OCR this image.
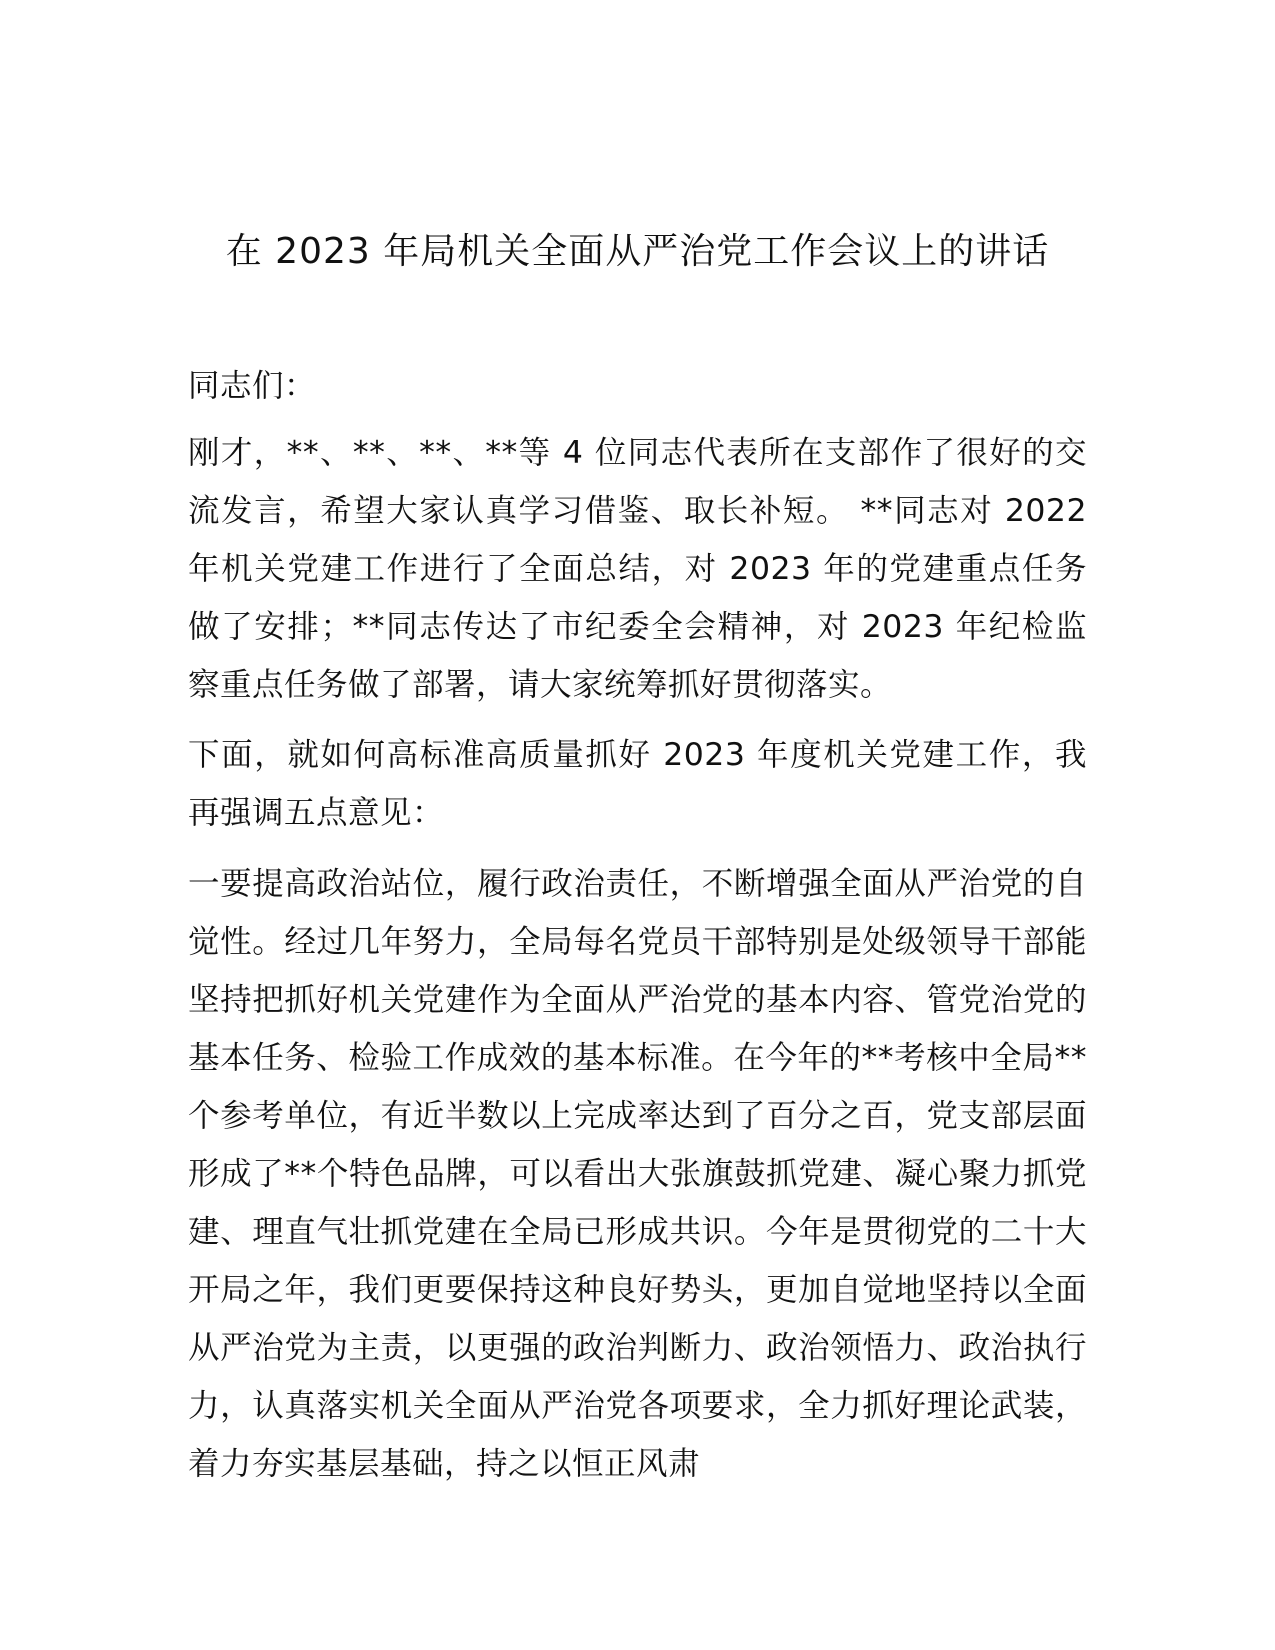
在 2023 年局机关全面从严治党工作会议上的讲话

同志们：

刚才，**、**、**、**等 4 位同志代表所在支部作了很好的交流发言，希望大家认真学习借鉴、取长补短。 **同志对 2022 年机关党建工作进行了全面总结，对 2023 年的党建重点任务做了安排；**同志传达了市纪委全会精神，对 2023 年纪检监察重点任务做了部署，请大家统筹抓好贯彻落实。

下面，就如何高标准高质量抓好 2023 年度机关党建工作，我再强调五点意见：

一要提高政治站位，履行政治责任，不断增强全面从严治党的自觉性。经过几年努力，全局每名党员干部特别是处级领导干部能坚持把抓好机关党建作为全面从严治党的基本内容、管党治党的基本任务、检验工作成效的基本标准。在今年的**考核中全局**个参考单位，有近半数以上完成率达到了百分之百，党支部层面形成了**个特色品牌，可以看出大张旗鼓抓党建、凝心聚力抓党建、理直气壮抓党建在全局已形成共识。今年是贯彻党的二十大开局之年，我们更要保持这种良好势头，更加自觉地坚持以全面从严治党为主责，以更强的政治判断力、政治领悟力、政治执行力，认真落实机关全面从严治党各项要求，全力抓好理论武装，着力夯实基层基础，持之以恒正风肃
